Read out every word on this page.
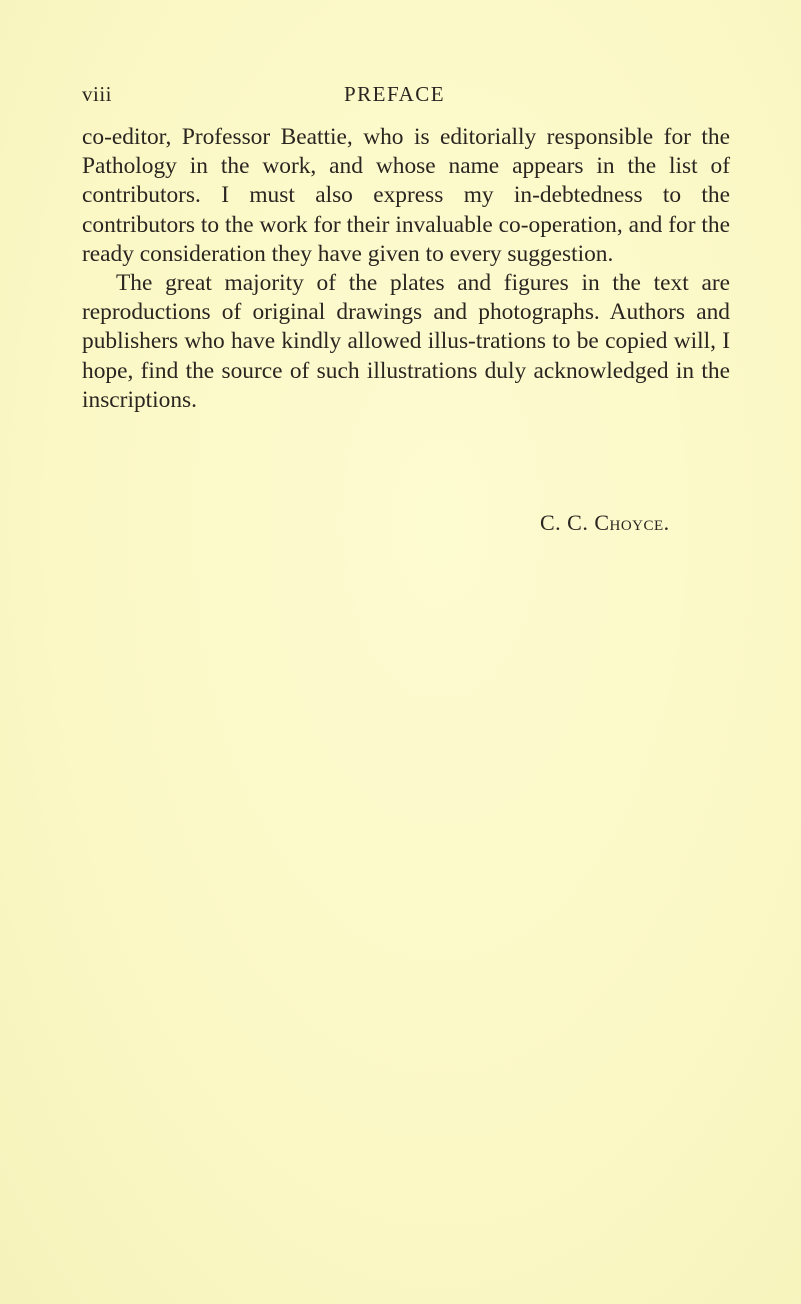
viii	PREFACE

co-editor, Professor Beattie, who is editorially responsible for the Pathology in the work, and whose name appears in the list of contributors. I must also express my in-debtedness to the contributors to the work for their invaluable co-operation, and for the ready consideration they have given to every suggestion.

The great majority of the plates and figures in the text are reproductions of original drawings and photographs. Authors and publishers who have kindly allowed illus-trations to be copied will, I hope, find the source of such illustrations duly acknowledged in the inscriptions.

C. C. Choyce.
